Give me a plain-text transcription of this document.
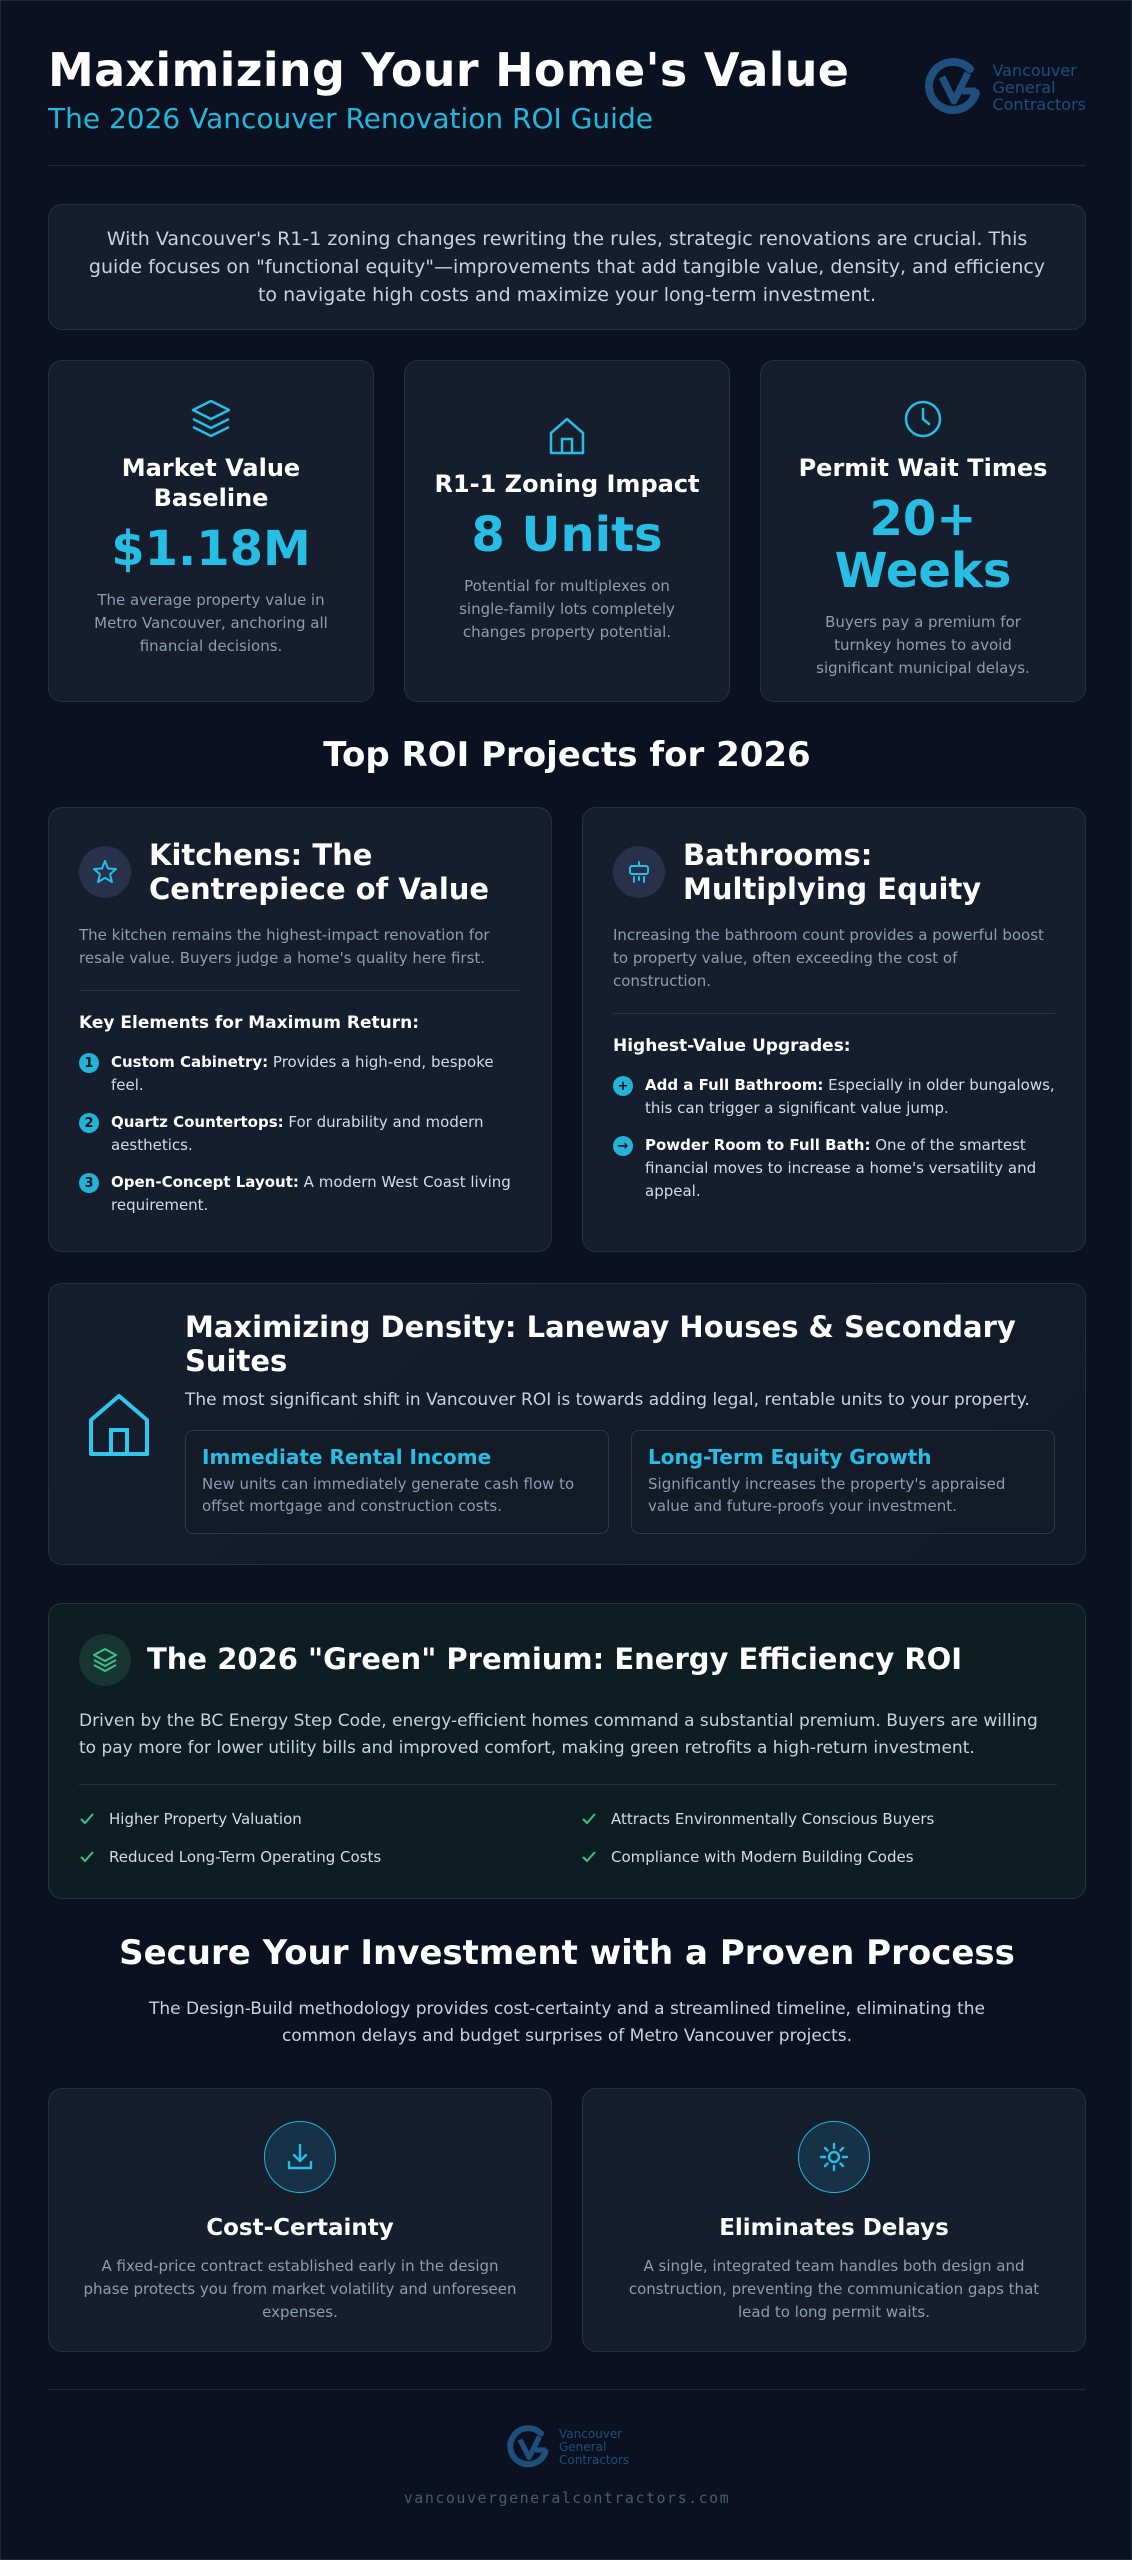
Maximizing Your Home's Value
The 2026 Vancouver Renovation ROI Guide
Vancouver
General
Contractors
With Vancouver's R1-1 zoning changes rewriting the rules, strategic renovations are crucial. This guide focuses on "functional equity"—improvements that add tangible value, density, and efficiency to navigate high costs and maximize your long-term investment.
Market Value Baseline
$1.18M
The average property value in Metro Vancouver, anchoring all financial decisions.
R1-1 Zoning Impact
8 Units
Potential for multiplexes on single-family lots completely changes property potential.
Permit Wait Times
20+ Weeks
Buyers pay a premium for turnkey homes to avoid significant municipal delays.
Top ROI Projects for 2026
Kitchens: The Centrepiece of Value
The kitchen remains the highest-impact renovation for resale value. Buyers judge a home's quality here first.
Key Elements for Maximum Return:
1	Custom Cabinetry: Provides a high-end, bespoke feel.
2	Quartz Countertops: For durability and modern aesthetics.
3	Open-Concept Layout: A modern West Coast living requirement.
Bathrooms: Multiplying Equity
Increasing the bathroom count provides a powerful boost to property value, often exceeding the cost of construction.
Highest-Value Upgrades:
+	Add a Full Bathroom: Especially in older bungalows, this can trigger a significant value jump.
→	Powder Room to Full Bath: One of the smartest financial moves to increase a home's versatility and appeal.
Maximizing Density: Laneway Houses & Secondary Suites
The most significant shift in Vancouver ROI is towards adding legal, rentable units to your property.
Immediate Rental Income
New units can immediately generate cash flow to offset mortgage and construction costs.
Long-Term Equity Growth
Significantly increases the property's appraised value and future-proofs your investment.
The 2026 "Green" Premium: Energy Efficiency ROI
Driven by the BC Energy Step Code, energy-efficient homes command a substantial premium. Buyers are willing to pay more for lower utility bills and improved comfort, making green retrofits a high-return investment.
Higher Property Valuation	Attracts Environmentally Conscious Buyers
Reduced Long-Term Operating Costs	Compliance with Modern Building Codes
Secure Your Investment with a Proven Process
The Design-Build methodology provides cost-certainty and a streamlined timeline, eliminating the common delays and budget surprises of Metro Vancouver projects.
Cost-Certainty
A fixed-price contract established early in the design phase protects you from market volatility and unforeseen expenses.
Eliminates Delays
A single, integrated team handles both design and construction, preventing the communication gaps that lead to long permit waits.
Vancouver
General
Contractors
vancouvergeneralcontractors.com
